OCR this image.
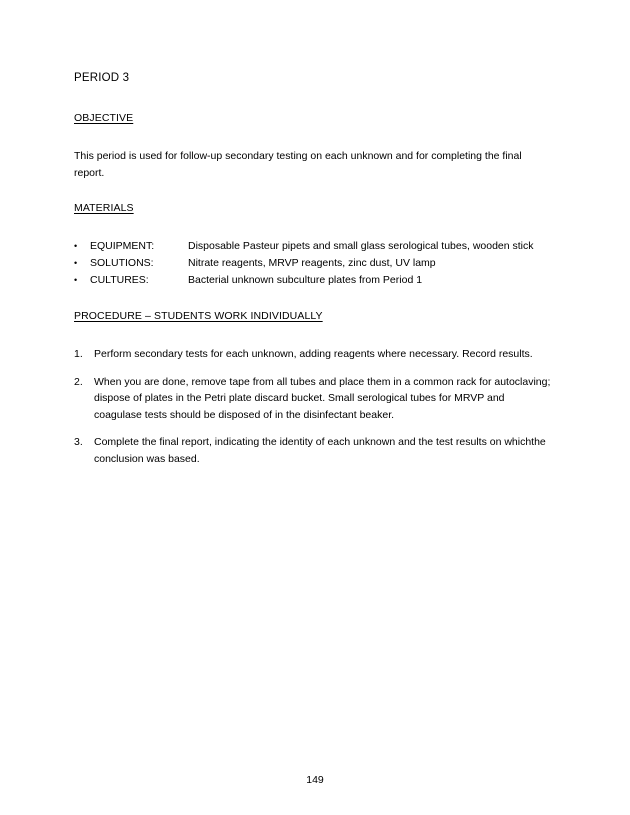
PERIOD 3
OBJECTIVE

This period is used for follow-up secondary testing on each unknown and for completing the final report.

MATERIALS
•	EQUIPMENT:	Disposable Pasteur pipets and small glass serological tubes, wooden stick
•	SOLUTIONS:	Nitrate reagents, MRVP reagents, zinc dust, UV lamp
•	CULTURES:	Bacterial unknown subculture plates from Period 1
PROCEDURE – STUDENTS WORK INDIVIDUALLY
1.	Perform secondary tests for each unknown, adding reagents where necessary. Record results.
2.	When you are done, remove tape from all tubes and place them in a common rack for autoclaving; dispose of plates in the Petri plate discard bucket. Small serological tubes for MRVP and coagulase tests should be disposed of in the disinfectant beaker.
3.	Complete the final report, indicating the identity of each unknown and the test results on whichthe conclusion was based.
149
